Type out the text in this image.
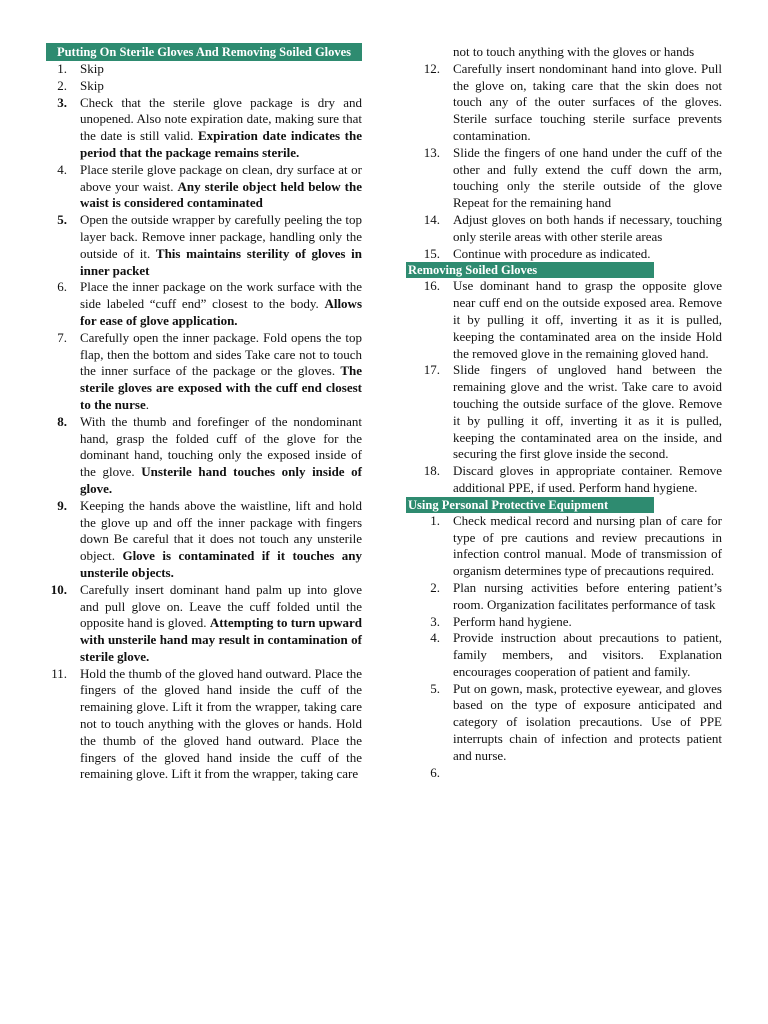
Putting On Sterile Gloves And Removing Soiled Gloves
1.	Skip
2.	Skip
3.	Check that the sterile glove package is dry and unopened. Also note expiration date, making sure that the date is still valid. Expiration date indicates the period that the package remains sterile.
4.	Place sterile glove package on clean, dry surface at or above your waist. Any sterile object held below the waist is considered contaminated
5.	Open the outside wrapper by carefully peeling the top layer back. Remove inner package, handling only the outside of it. This maintains sterility of gloves in inner packet
6.	Place the inner package on the work surface with the side labeled “cuff end” closest to the body. Allows for ease of glove application.
7.	Carefully open the inner package. Fold opens the top flap, then the bottom and sides Take care not to touch the inner surface of the package or the gloves. The sterile gloves are exposed with the cuff end closest to the nurse.
8.	With the thumb and forefinger of the nondominant hand, grasp the folded cuff of the glove for the dominant hand, touching only the exposed inside of the glove. Unsterile hand touches only inside of glove.
9.	Keeping the hands above the waistline, lift and hold the glove up and off the inner package with fingers down Be careful that it does not touch any unsterile object. Glove is contaminated if it touches any unsterile objects.
10.	Carefully insert dominant hand palm up into glove and pull glove on. Leave the cuff folded until the opposite hand is gloved. Attempting to turn upward with unsterile hand may result in contamination of sterile glove.
11.	Hold the thumb of the gloved hand outward. Place the fingers of the gloved hand inside the cuff of the remaining glove. Lift it from the wrapper, taking care not to touch anything with the gloves or hands. Hold the thumb of the gloved hand outward. Place the fingers of the gloved hand inside the cuff of the remaining glove. Lift it from the wrapper, taking care
not to touch anything with the gloves or hands
12.	Carefully insert nondominant hand into glove. Pull the glove on, taking care that the skin does not touch any of the outer surfaces of the gloves. Sterile surface touching sterile surface prevents contamination.
13.	Slide the fingers of one hand under the cuff of the other and fully extend the cuff down the arm, touching only the sterile outside of the glove Repeat for the remaining hand
14.	Adjust gloves on both hands if necessary, touching only sterile areas with other sterile areas
15.	Continue with procedure as indicated.
Removing Soiled Gloves
16.	Use dominant hand to grasp the opposite glove near cuff end on the outside exposed area. Remove it by pulling it off, inverting it as it is pulled, keeping the contaminated area on the inside Hold the removed glove in the remaining gloved hand.
17.	Slide fingers of ungloved hand between the remaining glove and the wrist. Take care to avoid touching the outside surface of the glove. Remove it by pulling it off, inverting it as it is pulled, keeping the contaminated area on the inside, and securing the first glove inside the second.
18.	Discard gloves in appropriate container. Remove additional PPE, if used. Perform hand hygiene.
Using Personal Protective Equipment
1.	Check medical record and nursing plan of care for type of pre cautions and review precautions in infection control manual. Mode of transmission of organism determines type of precautions required.
2.	Plan nursing activities before entering patient’s room. Organization facilitates performance of task
3.	Perform hand hygiene.
4.	Provide instruction about precautions to patient, family members, and visitors. Explanation encourages cooperation of patient and family.
5.	Put on gown, mask, protective eyewear, and gloves based on the type of exposure anticipated and category of isolation precautions. Use of PPE interrupts chain of infection and protects patient and nurse.
6.
